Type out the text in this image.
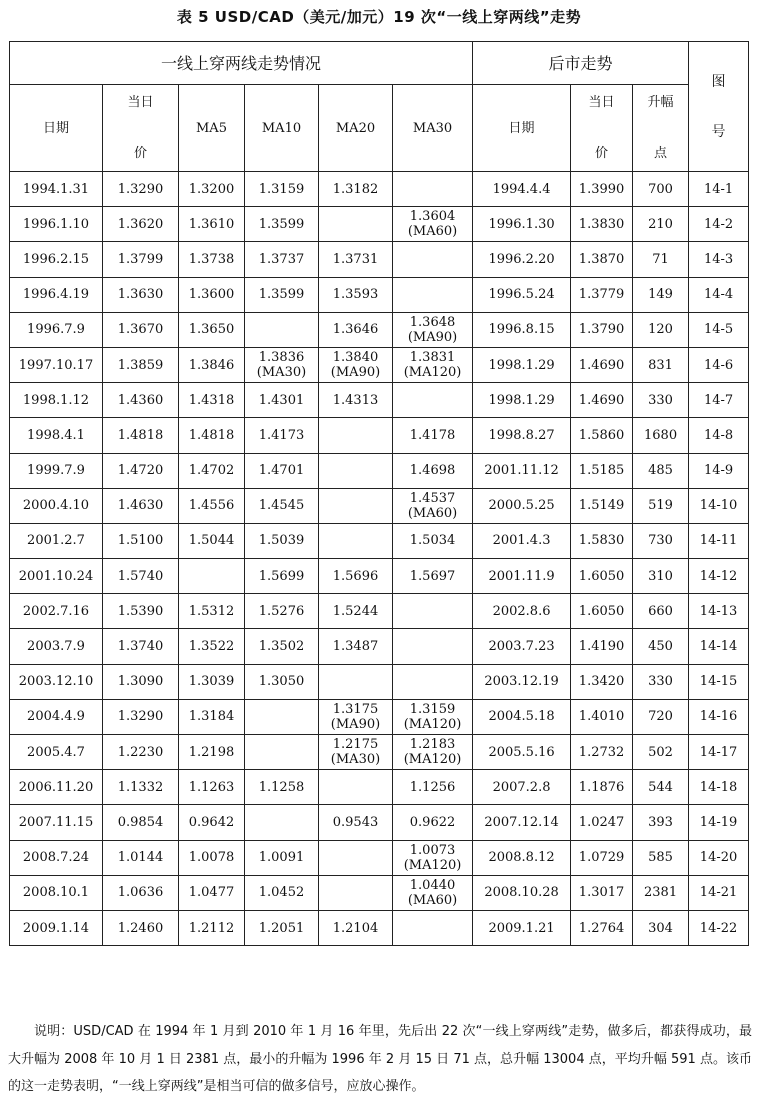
表 5 USD/CAD（美元/加元）19 次“一线上穿两线”走势
一线上穿两线走势情况						后市走势			图
号

日期	当日
价	MA5	MA10	MA20	MA30	日期	当日
价	升幅
点	

1994.1.31	1.3290	1.3200	1.3159	1.3182		1994.4.4	1.3990	700	14-1
1996.1.10	1.3620	1.3610	1.3599		1.3604
(MA60)	1996.1.30	1.3830	210	14-2
1996.2.15	1.3799	1.3738	1.3737	1.3731		1996.2.20	1.3870	71	14-3
1996.4.19	1.3630	1.3600	1.3599	1.3593		1996.5.24	1.3779	149	14-4
1996.7.9	1.3670	1.3650		1.3646	1.3648
(MA90)	1996.8.15	1.3790	120	14-5
1997.10.17	1.3859	1.3846	1.3836
(MA30)	1.3840
(MA90)	1.3831
(MA120)	1998.1.29	1.4690	831	14-6
1998.1.12	1.4360	1.4318	1.4301	1.4313		1998.1.29	1.4690	330	14-7
1998.4.1	1.4818	1.4818	1.4173		1.4178	1998.8.27	1.5860	1680	14-8
1999.7.9	1.4720	1.4702	1.4701		1.4698	2001.11.12	1.5185	485	14-9
2000.4.10	1.4630	1.4556	1.4545		1.4537
(MA60)	2000.5.25	1.5149	519	14-10
2001.2.7	1.5100	1.5044	1.5039		1.5034	2001.4.3	1.5830	730	14-11
2001.10.24	1.5740		1.5699	1.5696	1.5697	2001.11.9	1.6050	310	14-12
2002.7.16	1.5390	1.5312	1.5276	1.5244		2002.8.6	1.6050	660	14-13
2003.7.9	1.3740	1.3522	1.3502	1.3487		2003.7.23	1.4190	450	14-14
2003.12.10	1.3090	1.3039	1.3050			2003.12.19	1.3420	330	14-15
2004.4.9	1.3290	1.3184		1.3175
(MA90)	1.3159
(MA120)	2004.5.18	1.4010	720	14-16
2005.4.7	1.2230	1.2198		1.2175
(MA30)	1.2183
(MA120)	2005.5.16	1.2732	502	14-17
2006.11.20	1.1332	1.1263	1.1258		1.1256	2007.2.8	1.1876	544	14-18
2007.11.15	0.9854	0.9642		0.9543	0.9622	2007.12.14	1.0247	393	14-19
2008.7.24	1.0144	1.0078	1.0091		1.0073
(MA120)	2008.8.12	1.0729	585	14-20
2008.10.1	1.0636	1.0477	1.0452		1.0440
(MA60)	2008.10.28	1.3017	2381	14-21
2009.1.14	1.2460	1.2112	1.2051	1.2104		2009.1.21	1.2764	304	14-22
说明：USD/CAD 在 1994 年 1 月到 2010 年 1 月 16 年里，先后出 22 次“一线上穿两线”走势，做多后，都获得成功，最大升幅为 2008 年 10 月 1 日 2381 点，最小的升幅为 1996 年 2 月 15 日 71 点，总升幅 13004 点，平均升幅 591 点。该币的这一走势表明，“一线上穿两线”是相当可信的做多信号，应放心操作。
